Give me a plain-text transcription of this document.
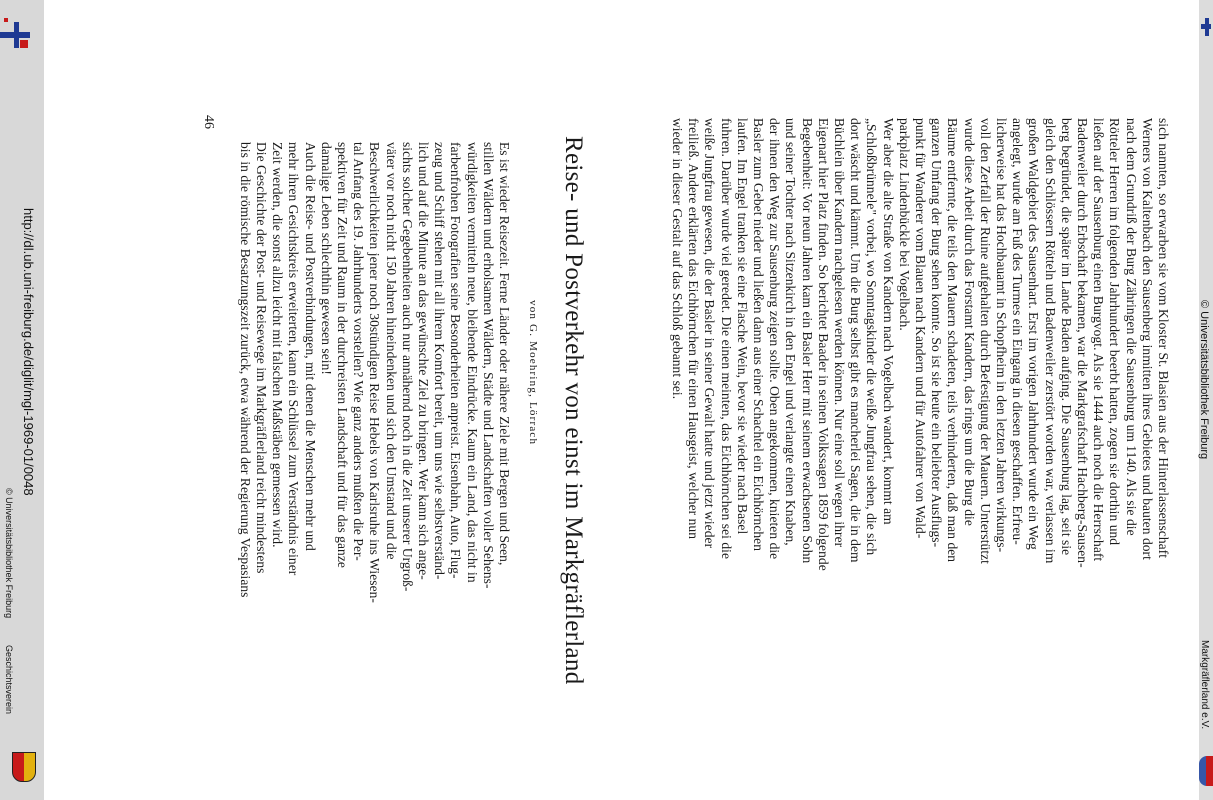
sich nannten, so erwarben sie vom Kloster St. Blasien aus der Hinterlassenschaft
Werners von Kaltenbach den Sausenberg inmitten ihres Gebietes und bauten dort
nach dem Grundriß der Burg Zähringen die Sausenburg um 1140. Als sie die
Rötteler Herren im folgenden Jahrhundert beerbt hatten, zogen sie dorthin und
ließen auf der Sausenburg einen Burgvogt. Als sie 1444 auch noch die Herrschaft
Badenweiler durch Erbschaft bekamen, war die Markgrafschaft Hachberg-Sausen-
berg begründet, die später im Lande Baden aufging. Die Sausenburg lag, seit sie
gleich den Schlössern Rötteln und Badenweiler zerstört worden war, verlassen im
großen Waldgebiet des Sausenhart. Erst im vorigen Jahrhundert wurde ein Weg
angelegt, wurde am Fuß des Turmes ein Eingang in diesen geschaffen. Erfreu-
licherweise hat das Hochbauamt in Schopfheim in den letzten Jahren wirkungs-
voll den Zerfall der Ruine aufgehalten durch Befestigung der Mauern. Unterstützt
wurde diese Arbeit durch das Forstamt Kandern, das rings um die Burg die
Bäume entfernte, die teils den Mauern schadeten, teils verhinderten, daß man den
ganzen Umfang der Burg sehen konnte. So ist sie heute ein beliebter Ausflugs-
punkt für Wanderer vom Blauen nach Kandern und für Autofahrer von Wald-
parkplatz Lindenbückle bei Vogelbach.
Wer aber die alte Straße von Kandern nach Vogelbach wandert, kommt am
„Schloßbrünnele" vorbei, wo Sonntagskinder die weiße Jungfrau sehen, die sich
dort wäscht und kämmt. Um die Burg selbst gibt es mancherlei Sagen, die in dem
Büchlein über Kandern nachgelesen werden können. Nur eine soll wegen ihrer
Eigenart hier Platz finden. So berichtet Baader in seinen Volkssagen 1859 folgende
Begebenheit: Vor neun Jahren kam ein Basler Herr mit seinem erwachsenen Sohn
und seiner Tochter nach Sitzenkirch in den Engel und verlangte einen Knaben,
der ihnen den Weg zur Sausenburg zeigen sollte. Oben angekommen, knieten die
Basler zum Gebet nieder und ließen dann aus einer Schachtel ein Eichhörnchen
laufen. Im Engel tranken sie eine Flasche Wein, bevor sie wieder nach Basel
fuhren. Darüber wurde viel geredet. Die einen meinten, das Eichhörnchen sei die
weiße Jungfrau gewesen, die der Basler in seiner Gewalt hatte und jetzt wieder
freiließ. Andere erklärten das Eichhörnchen für einen Hausgeist, welcher nun
wieder in dieser Gestalt auf das Schloß gebannt sei.
Reise- und Postverkehr von einst im Markgräflerland
von G. Moehring, Lörrach
Es ist wieder Reisezeit. Ferne Länder oder nähere Ziele mit Bergen und Seen,
stillen Wäldern und erholsamen Wäldern, Städte und Landschaften voller Sehens-
würdigkeiten vermitteln neue, bleibende Eindrücke. Kaum ein Land, das nicht in
farbenfrohen Fotografien seine Besonderheiten anpreist. Eisenbahn, Auto, Flug-
zeug und Schiff stehen mit all ihrem Komfort bereit, um uns wie selbstverständ-
lich und auf die Minute an das gewünschte Ziel zu bringen. Wer kann sich ange-
sichts solcher Gegebenheiten auch nur annähernd noch in die Zeit unserer Urgroß-
väter vor noch nicht 150 Jahren hineindenken und sich den Umstand und die
Beschwerlichkeiten jener noch 30stündigen Reise Hebels von Karlsruhe ins Wiesen-
tal Anfang des 19. Jahrhunderts vorstellen? Wie ganz anders mußten die Per-
spektiven für Zeit und Raum in der durchreisten Landschaft und für das ganze
damalige Leben schlechthin gewesen sein!
Auch die Reise- und Postverbindungen, mit denen die Menschen mehr und
mehr ihren Gesichtskreis erweiterten, kann ein Schlüssel zum Verständnis einer
Zeit werden, die sonst allzu leicht mit falschen Maßstäben gemessen wird.
Die Geschichte der Post- und Reisewege im Markgräflerland reicht mindestens
bis in die römische Besatzungszeit zurück, etwa während der Regierung Vespasians
46
http://dl.ub.uni-freiburg.de/diglit/mgl-1969-01/0048
© Universitätsbibliothek Freiburg
Geschichtsverein
© Universitätsbibliothek Freiburg
Markgräflerland e.V.
